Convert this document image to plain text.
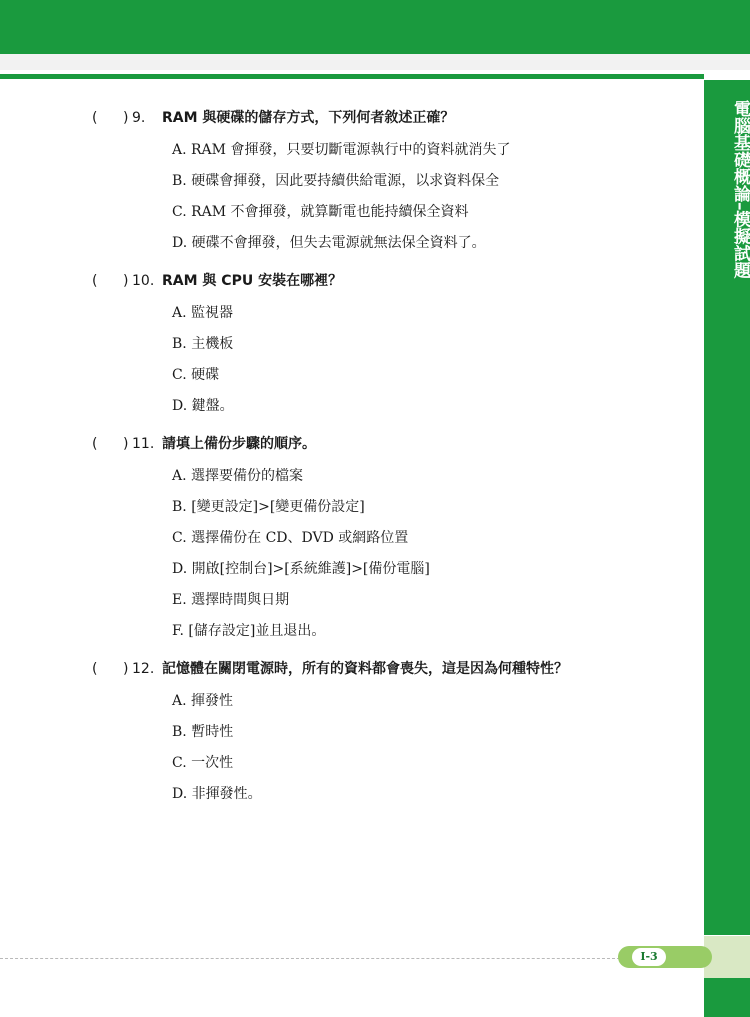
電腦基礎概論–模擬試題
I-3
( ) 9. RAM 與硬碟的儲存方式，下列何者敘述正確？
A. RAM 會揮發，只要切斷電源執行中的資料就消失了
B. 硬碟會揮發，因此要持續供給電源，以求資料保全
C. RAM 不會揮發，就算斷電也能持續保全資料
D. 硬碟不會揮發，但失去電源就無法保全資料了。
( ) 10. RAM 與 CPU 安裝在哪裡？
A. 監視器
B. 主機板
C. 硬碟
D. 鍵盤。
( ) 11. 請填上備份步驟的順序。
A. 選擇要備份的檔案
B. [變更設定]>[變更備份設定]
C. 選擇備份在 CD、DVD 或網路位置
D. 開啟[控制台]>[系統維護]>[備份電腦]
E. 選擇時間與日期
F. [儲存設定]並且退出。
( ) 12. 記憶體在關閉電源時，所有的資料都會喪失，這是因為何種特性？
A. 揮發性
B. 暫時性
C. 一次性
D. 非揮發性。
